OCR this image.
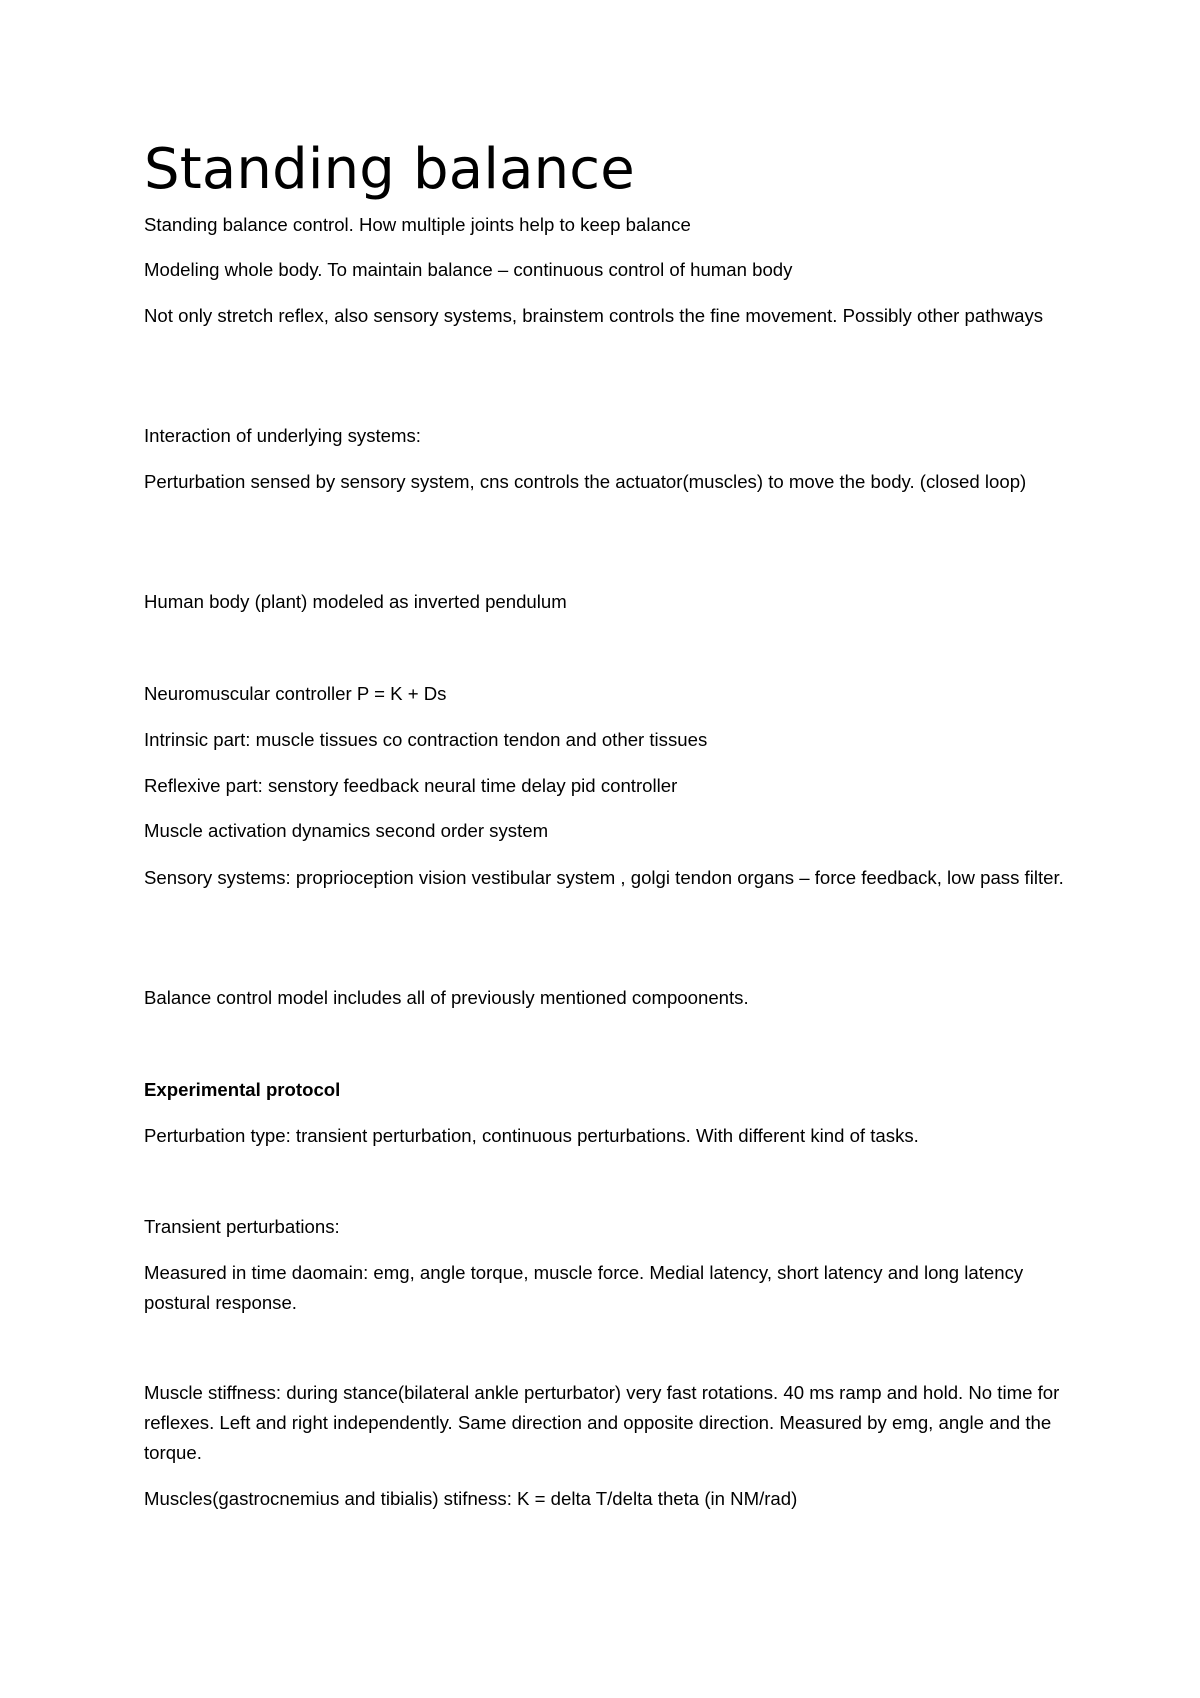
Standing balance

Standing balance control. How multiple joints help to keep balance

Modeling whole body. To maintain balance – continuous control of human body

Not only stretch reflex, also sensory systems, brainstem controls the fine movement. Possibly other pathways

Interaction of underlying systems:

Perturbation sensed by sensory system, cns controls the actuator(muscles) to move the body. (closed loop)

Human body (plant) modeled as inverted pendulum

Neuromuscular controller P = K + Ds

Intrinsic part: muscle tissues co contraction tendon and other tissues

Reflexive part: senstory feedback neural time delay pid controller

Muscle activation dynamics second order system

Sensory systems: proprioception vision vestibular system , golgi tendon organs – force feedback, low pass filter.

Balance control model includes all of previously mentioned compoonents.

Experimental protocol

Perturbation type: transient perturbation, continuous perturbations. With different kind of tasks.

Transient perturbations:

Measured in time daomain: emg, angle torque, muscle force. Medial latency, short latency and long latency postural response.

Muscle stiffness: during stance(bilateral ankle perturbator) very fast rotations. 40 ms ramp and hold. No time for reflexes. Left and right independently. Same direction and opposite direction. Measured by emg, angle and the torque.

Muscles(gastrocnemius and tibialis) stifness: K = delta T/delta theta (in NM/rad)
